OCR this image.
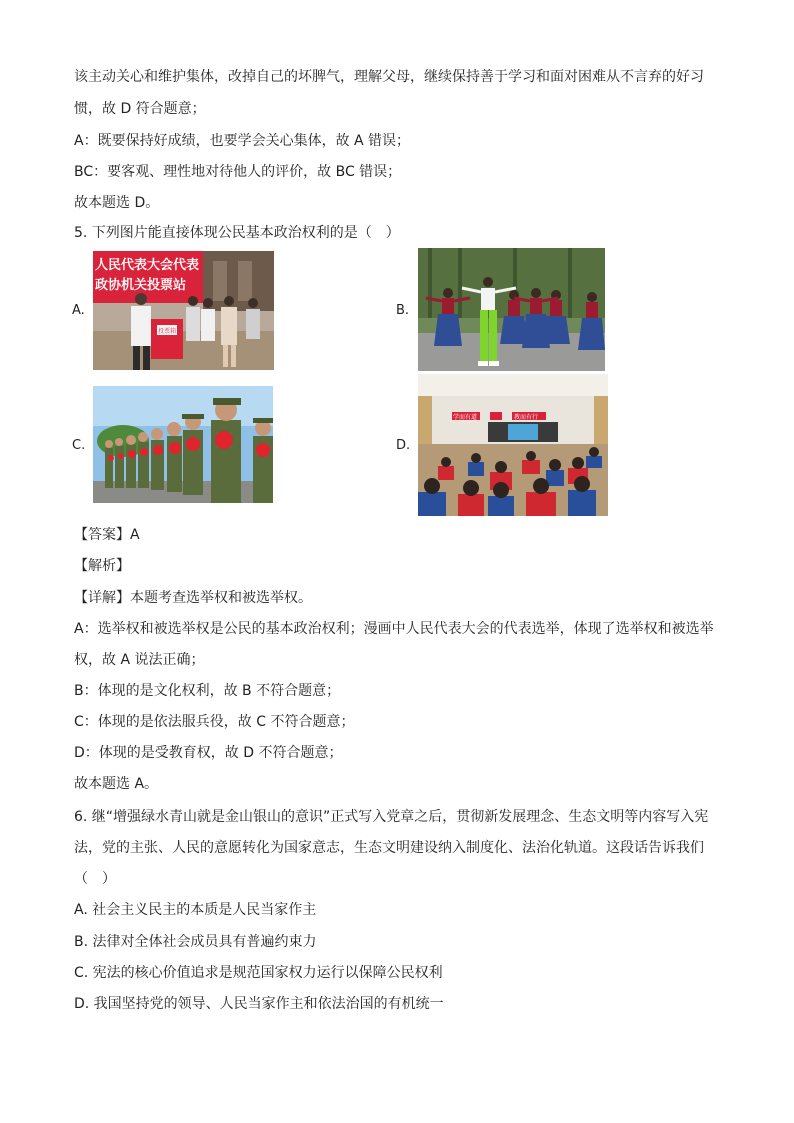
该主动关心和维护集体，改掉自己的坏脾气，理解父母，继续保持善于学习和面对困难从不言弃的好习
惯，故 D 符合题意；
A：既要保持好成绩，也要学会关心集体，故 A 错误；
BC：要客观、理性地对待他人的评价，故 BC 错误；
故本题选 D。
5. 下列图片能直接体现公民基本政治权利的是（　）
A.	B.
C.	D.
人民代表大会代表
政协机关投票站
投票箱
学而有道	教而有行
【答案】A
【解析】
【详解】本题考查选举权和被选举权。
A：选举权和被选举权是公民的基本政治权利；漫画中人民代表大会的代表选举，体现了选举权和被选举
权，故 A 说法正确；
B：体现的是文化权利，故 B 不符合题意；
C：体现的是依法服兵役，故 C 不符合题意；
D：体现的是受教育权，故 D 不符合题意；
故本题选 A。
6. 继“增强绿水青山就是金山银山的意识”正式写入党章之后，贯彻新发展理念、生态文明等内容写入宪
法，党的主张、人民的意愿转化为国家意志，生态文明建设纳入制度化、法治化轨道。这段话告诉我们
（　）
A. 社会主义民主的本质是人民当家作主
B. 法律对全体社会成员具有普遍约束力
C. 宪法的核心价值追求是规范国家权力运行以保障公民权利
D. 我国坚持党的领导、人民当家作主和依法治国的有机统一
